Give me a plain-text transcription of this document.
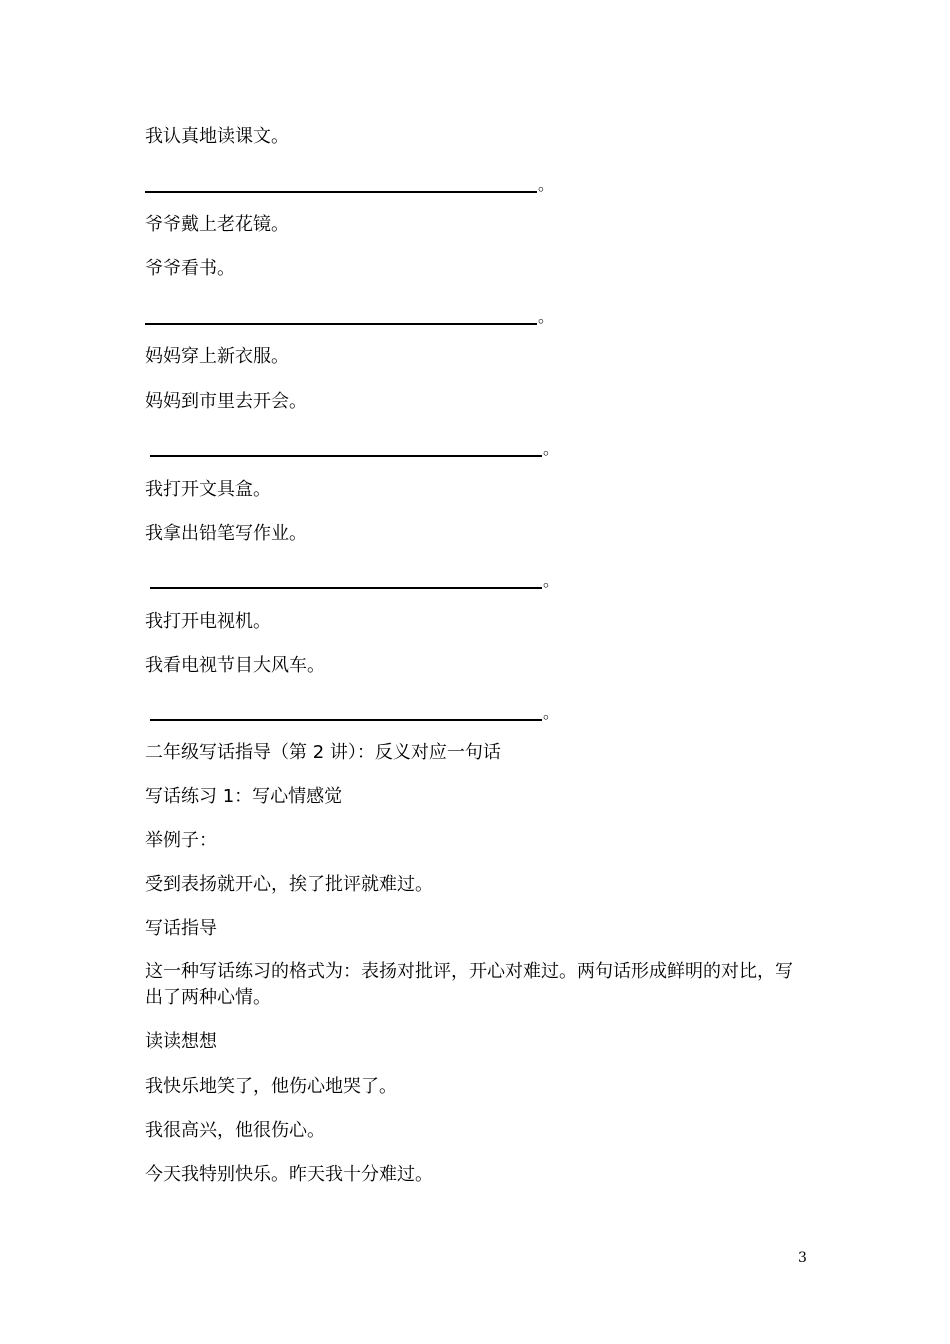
我认真地读课文。
。
爷爷戴上老花镜。
爷爷看书。
。
妈妈穿上新衣服。
妈妈到市里去开会。
。
我打开文具盒。
我拿出铅笔写作业。
。
我打开电视机。
我看电视节目大风车。
。
二年级写话指导（第 2 讲）：反义对应一句话
写话练习 1：写心情感觉
举例子：
受到表扬就开心，挨了批评就难过。
写话指导
这一种写话练习的格式为：表扬对批评，开心对难过。两句话形成鲜明的对比，写出了两种心情。
读读想想
我快乐地笑了，他伤心地哭了。
我很高兴，他很伤心。
今天我特别快乐。昨天我十分难过。
3
